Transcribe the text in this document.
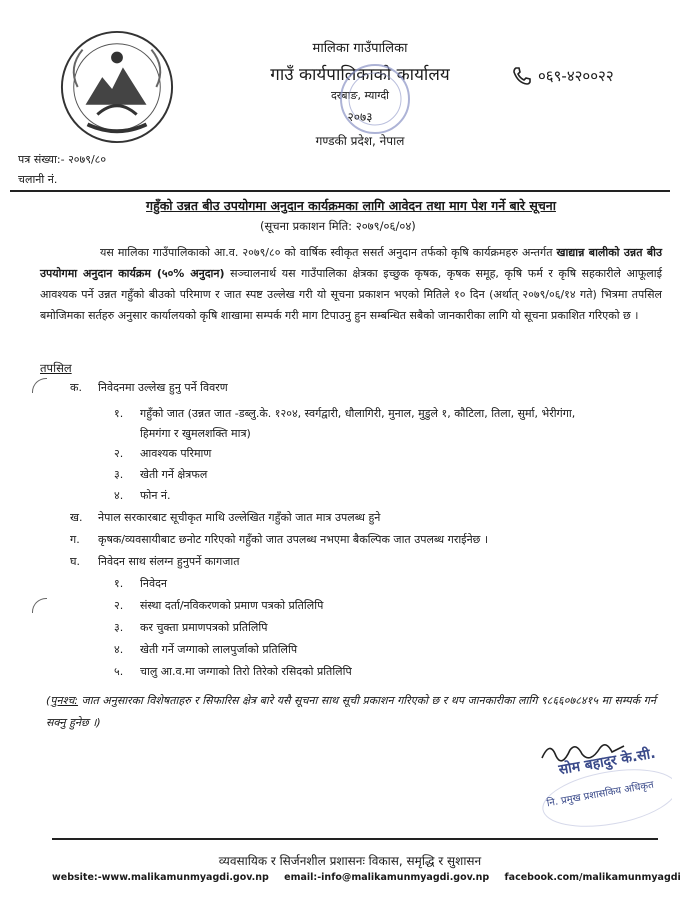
मालिका गाउँपालिका
गाउँ कार्यपालिकाको कार्यालय
दरबाङ, म्याग्दी
२०७३
गण्डकी प्रदेश, नेपाल
०६९-४२००२२
पत्र संख्या:- २०७९/८०
चलानी नं.
गहुँको उन्नत बीउ उपयोगमा अनुदान कार्यक्रमका लागि आवेदन तथा माग पेश गर्ने बारे सूचना
(सूचना प्रकाशन मिति: २०७९/०६/०४)
यस मालिका गाउँपालिकाको आ.व. २०७९/८० को वार्षिक स्वीकृत ससर्त अनुदान तर्फको कृषि कार्यक्रमहरु अन्तर्गत खाद्यान्न बालीको उन्नत बीउ उपयोगमा अनुदान कार्यक्रम (५०% अनुदान) सञ्चालनार्थ यस गाउँपालिका क्षेत्रका इच्छुक कृषक, कृषक समूह, कृषि फर्म र कृषि सहकारीले आफूलाई आवश्यक पर्ने उन्नत गहुँको बीउको परिमाण र जात स्पष्ट उल्लेख गरी यो सूचना प्रकाशन भएको मितिले १० दिन (अर्थात् २०७९/०६/१४ गते) भित्रमा तपसिल बमोजिमका सर्तहरु अनुसार कार्यालयको कृषि शाखामा सम्पर्क गरी माग टिपाउनु हुन सम्बन्धित सबैको जानकारीका लागि यो सूचना प्रकाशित गरिएको छ ।
तपसिल
क. निवेदनमा उल्लेख हुनु पर्ने विवरण
१. गहुँको जात (उन्नत जात -डब्लु.के. १२०४, स्वर्गद्वारी, धौलागिरी, मुनाल, मुडुले १, कौटिला, तिला, सुर्मा, भेरीगंगा,
हिमगंगा र खुमलशक्ति मात्र)
२. आवश्यक परिमाण
३. खेती गर्ने क्षेत्रफल
४. फोन नं.
ख. नेपाल सरकारबाट सूचीकृत माथि उल्लेखित गहुँको जात मात्र उपलब्ध हुने
ग. कृषक/व्यवसायीबाट छनोट गरिएको गहुँको जात उपलब्ध नभएमा बैकल्पिक जात उपलब्ध गराईनेछ ।
घ. निवेदन साथ संलग्न हुनुपर्ने कागजात
१. निवेदन
२. संस्था दर्ता/नविकरणको प्रमाण पत्रको प्रतिलिपि
३. कर चुक्ता प्रमाणपत्रको प्रतिलिपि
४. खेती गर्ने जग्गाको लालपुर्जाको प्रतिलिपि
५. चालु आ.व.मा जग्गाको तिरो तिरेको रसिदको प्रतिलिपि
(पुनश्च: जात अनुसारका विशेषताहरु र सिफारिस क्षेत्र बारे यसै सूचना साथ सूची प्रकाशन गरिएको छ र थप जानकारीका लागि ९८६६०७८४१५ मा सम्पर्क गर्न सक्नु हुनेछ ।)
सोम बहादुर के.सी.
नि. प्रमुख प्रशासकिय अधिकृत
व्यवसायिक र सिर्जनशील प्रशासनः विकास, समृद्धि र सुशासन
website:-www.malikamunmyagdi.gov.np email:-info@malikamunmyagdi.gov.np facebook.com/malikamunmyagdi
